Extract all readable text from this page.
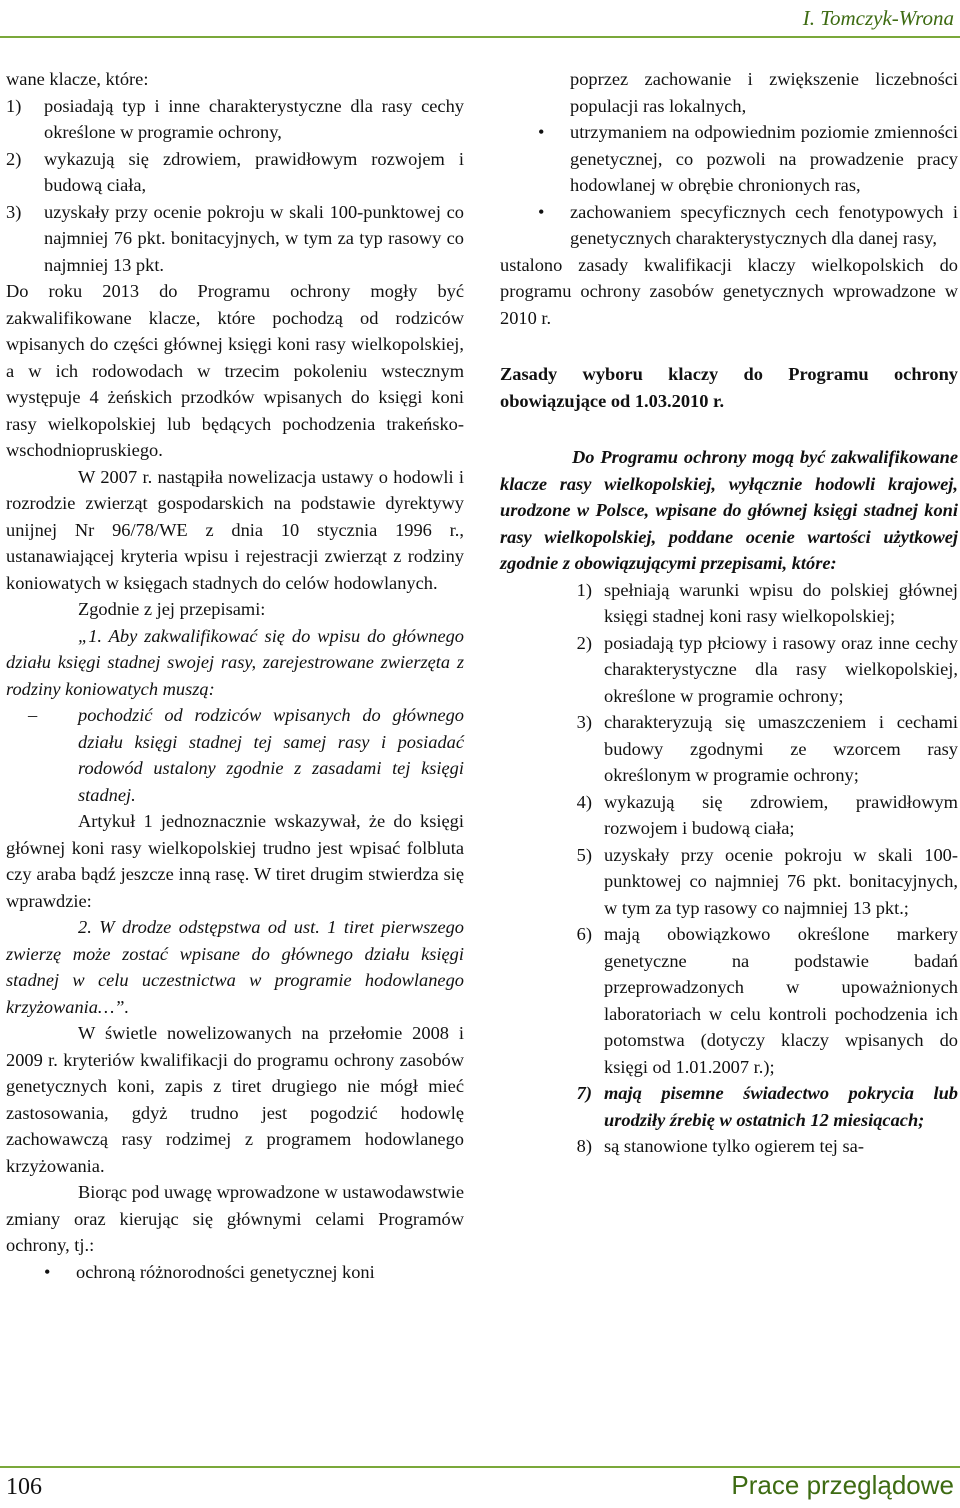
I. Tomczyk-Wrona

wane klacze, które:

1)	posiadają typ i inne charakterystyczne dla rasy cechy określone w programie ochrony,
2)	wykazują się zdrowiem, prawidłowym rozwojem i budową ciała,
3)	uzyskały przy ocenie pokroju w skali 100-punktowej co najmniej 76 pkt. bonitacyjnych, w tym za typ rasowy co najmniej 13 pkt.

Do roku 2013 do Programu ochrony mogły być zakwalifikowane klacze, które pochodzą od rodziców wpisanych do części głównej księgi koni rasy wielkopolskiej, a w ich rodowodach w trzecim pokoleniu wstecznym występuje 4 żeńskich przodków wpisanych do księgi koni rasy wielkopolskiej lub będących pochodzenia trakeńsko-wschodniopruskiego.

W 2007 r. nastąpiła nowelizacja ustawy o hodowli i rozrodzie zwierząt gospodarskich na podstawie dyrektywy unijnej Nr 96/78/WE z dnia 10 stycznia 1996 r., ustanawiającej kryteria wpisu i rejestracji zwierząt z rodziny koniowatych w księgach stadnych do celów hodowlanych.

Zgodnie z jej przepisami:

„1. Aby zakwalifikować się do wpisu do głównego działu księgi stadnej swojej rasy, zarejestrowane zwierzęta z rodziny koniowatych muszą:

–	pochodzić od rodziców wpisanych do głównego działu księgi stadnej tej samej rasy i posiadać rodowód ustalony zgodnie z zasadami tej księgi stadnej.

Artykuł 1 jednoznacznie wskazywał, że do księgi głównej koni rasy wielkopolskiej trudno jest wpisać folbluta czy araba bądź jeszcze inną rasę. W tiret drugim stwierdza się wprawdzie:

2. W drodze odstępstwa od ust. 1 tiret pierwszego zwierzę może zostać wpisane do głównego działu księgi stadnej w celu uczestnictwa w programie hodowlanego krzyżowania…”.

W świetle nowelizowanych na przełomie 2008 i 2009 r. kryteriów kwalifikacji do programu ochrony zasobów genetycznych koni, zapis z tiret drugiego nie mógł mieć zastosowania, gdyż trudno jest pogodzić hodowlę zachowawczą rasy rodzimej z programem hodowlanego krzyżowania.

Biorąc pod uwagę wprowadzone w ustawodawstwie zmiany oraz kierując się głównymi celami Programów ochrony, tj.:

•	ochroną różnorodności genetycznej koni

poprzez zachowanie i zwiększenie liczebności populacji ras lokalnych,

•	utrzymaniem na odpowiednim poziomie zmienności genetycznej, co pozwoli na prowadzenie pracy hodowlanej w obrębie chronionych ras,
•	zachowaniem specyficznych cech fenotypowych i genetycznych charakterystycznych dla danej rasy,

ustalono zasady kwalifikacji klaczy wielkopolskich do programu ochrony zasobów genetycznych wprowadzone w 2010 r.

Zasady wyboru klaczy do Programu ochrony obowiązujące od 1.03.2010 r.

Do Programu ochrony mogą być zakwalifikowane klacze rasy wielkopolskiej, wyłącznie hodowli krajowej, urodzone w Polsce, wpisane do głównej księgi stadnej koni rasy wielkopolskiej, poddane ocenie wartości użytkowej zgodnie z obowiązującymi przepisami, które:

1) spełniają warunki wpisu do polskiej głównej księgi stadnej koni rasy wielkopolskiej;
2) posiadają typ płciowy i rasowy oraz inne cechy charakterystyczne dla rasy wielkopolskiej, określone w programie ochrony;
3) charakteryzują się umaszczeniem i cechami budowy zgodnymi ze wzorcem rasy określonym w programie ochrony;
4) wykazują się zdrowiem, prawidłowym rozwojem i budową ciała;
5) uzyskały przy ocenie pokroju w skali 100-punktowej co najmniej 76 pkt. bonitacyjnych, w tym za typ rasowy co najmniej 13 pkt.;
6) mają obowiązkowo określone markery genetyczne na podstawie badań przeprowadzonych w upoważnionych laboratoriach w celu kontroli pochodzenia ich potomstwa (dotyczy klaczy wpisanych do księgi od 1.01.2007 r.);
7) mają pisemne świadectwo pokrycia lub urodziły źrebię w ostatnich 12 miesiącach;
8) są stanowione tylko ogierem tej sa-
106	Prace przeglądowe
